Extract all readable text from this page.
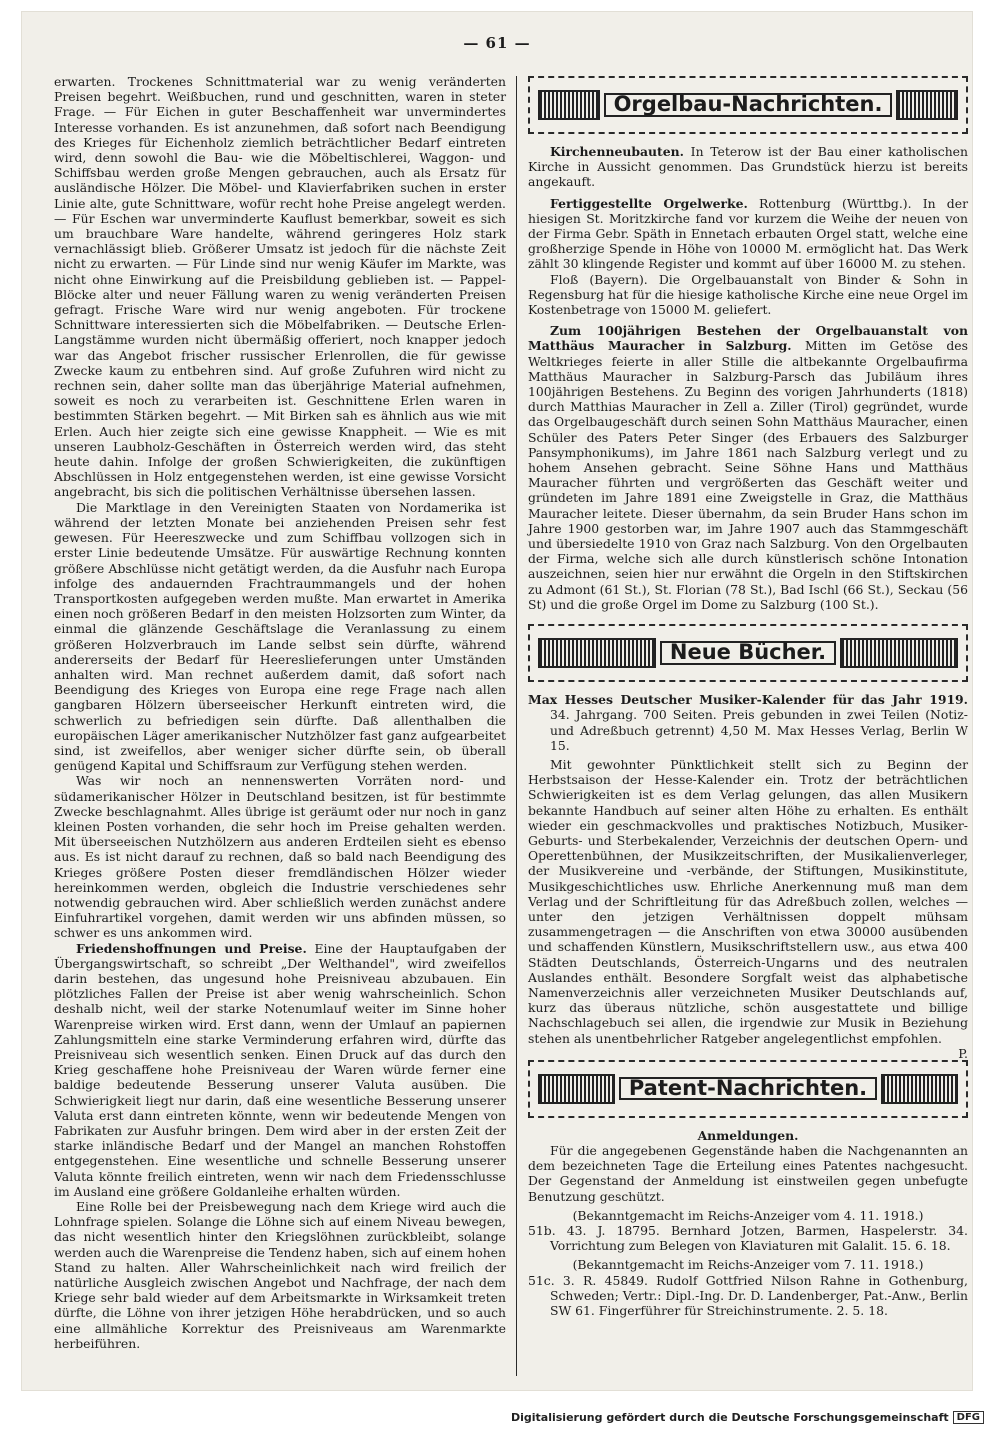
— 61 —

erwarten. Trockenes Schnittmaterial war zu wenig veränderten Preisen begehrt. Weißbuchen, rund und geschnitten, waren in steter Frage. — Für Eichen in guter Beschaffenheit war unvermindertes Interesse vorhanden. Es ist anzunehmen, daß sofort nach Beendigung des Krieges für Eichenholz ziemlich beträchtlicher Bedarf eintreten wird, denn sowohl die Bau- wie die Möbeltischlerei, Waggon- und Schiffsbau werden große Mengen gebrauchen, auch als Ersatz für ausländische Hölzer. Die Möbel- und Klavierfabriken suchen in erster Linie alte, gute Schnittware, wofür recht hohe Preise angelegt werden. — Für Eschen war unverminderte Kauflust bemerkbar, soweit es sich um brauchbare Ware handelte, während geringeres Holz stark vernachlässigt blieb. Größerer Umsatz ist jedoch für die nächste Zeit nicht zu erwarten. — Für Linde sind nur wenig Käufer im Markte, was nicht ohne Einwirkung auf die Preisbildung geblieben ist. — Pappel-Blöcke alter und neuer Fällung waren zu wenig veränderten Preisen gefragt. Frische Ware wird nur wenig angeboten. Für trockene Schnittware interessierten sich die Möbelfabriken. — Deutsche Erlen-Langstämme wurden nicht übermäßig offeriert, noch knapper jedoch war das Angebot frischer russischer Erlenrollen, die für gewisse Zwecke kaum zu entbehren sind. Auf große Zufuhren wird nicht zu rechnen sein, daher sollte man das überjährige Material aufnehmen, soweit es noch zu verarbeiten ist. Geschnittene Erlen waren in bestimmten Stärken begehrt. — Mit Birken sah es ähnlich aus wie mit Erlen. Auch hier zeigte sich eine gewisse Knappheit. — Wie es mit unseren Laubholz-Geschäften in Österreich werden wird, das steht heute dahin. Infolge der großen Schwierigkeiten, die zukünftigen Abschlüssen in Holz entgegenstehen werden, ist eine gewisse Vorsicht angebracht, bis sich die politischen Verhältnisse übersehen lassen.

Die Marktlage in den Vereinigten Staaten von Nordamerika ist während der letzten Monate bei anziehenden Preisen sehr fest gewesen. Für Heereszwecke und zum Schiffbau vollzogen sich in erster Linie bedeutende Umsätze. Für auswärtige Rechnung konnten größere Abschlüsse nicht getätigt werden, da die Ausfuhr nach Europa infolge des andauernden Frachtraummangels und der hohen Transportkosten aufgegeben werden mußte. Man erwartet in Amerika einen noch größeren Bedarf in den meisten Holzsorten zum Winter, da einmal die glänzende Geschäftslage die Veranlassung zu einem größeren Holzverbrauch im Lande selbst sein dürfte, während andererseits der Bedarf für Heereslieferungen unter Umständen anhalten wird. Man rechnet außerdem damit, daß sofort nach Beendigung des Krieges von Europa eine rege Frage nach allen gangbaren Hölzern überseeischer Herkunft eintreten wird, die schwerlich zu befriedigen sein dürfte. Daß allenthalben die europäischen Läger amerikanischer Nutzhölzer fast ganz aufgearbeitet sind, ist zweifellos, aber weniger sicher dürfte sein, ob überall genügend Kapital und Schiffsraum zur Verfügung stehen werden.

Was wir noch an nennenswerten Vorräten nord- und südamerikanischer Hölzer in Deutschland besitzen, ist für bestimmte Zwecke beschlagnahmt. Alles übrige ist geräumt oder nur noch in ganz kleinen Posten vorhanden, die sehr hoch im Preise gehalten werden. Mit überseeischen Nutzhölzern aus anderen Erdteilen sieht es ebenso aus. Es ist nicht darauf zu rechnen, daß so bald nach Beendigung des Krieges größere Posten dieser fremdländischen Hölzer wieder hereinkommen werden, obgleich die Industrie verschiedenes sehr notwendig gebrauchen wird. Aber schließlich werden zunächst andere Einfuhrartikel vorgehen, damit werden wir uns abfinden müssen, so schwer es uns ankommen wird.

Friedenshoffnungen und Preise. Eine der Hauptaufgaben der Übergangswirtschaft, so schreibt „Der Welthandel", wird zweifellos darin bestehen, das ungesund hohe Preisniveau abzubauen. Ein plötzliches Fallen der Preise ist aber wenig wahrscheinlich. Schon deshalb nicht, weil der starke Notenumlauf weiter im Sinne hoher Warenpreise wirken wird. Erst dann, wenn der Umlauf an papiernen Zahlungsmitteln eine starke Verminderung erfahren wird, dürfte das Preisniveau sich wesentlich senken. Einen Druck auf das durch den Krieg geschaffene hohe Preisniveau der Waren würde ferner eine baldige bedeutende Besserung unserer Valuta ausüben. Die Schwierigkeit liegt nur darin, daß eine wesentliche Besserung unserer Valuta erst dann eintreten könnte, wenn wir bedeutende Mengen von Fabrikaten zur Ausfuhr bringen. Dem wird aber in der ersten Zeit der starke inländische Bedarf und der Mangel an manchen Rohstoffen entgegenstehen. Eine wesentliche und schnelle Besserung unserer Valuta könnte freilich eintreten, wenn wir nach dem Friedensschlusse im Ausland eine größere Goldanleihe erhalten würden.

Eine Rolle bei der Preisbewegung nach dem Kriege wird auch die Lohnfrage spielen. Solange die Löhne sich auf einem Niveau bewegen, das nicht wesentlich hinter den Kriegslöhnen zurückbleibt, solange werden auch die Warenpreise die Tendenz haben, sich auf einem hohen Stand zu halten. Aller Wahrscheinlichkeit nach wird freilich der natürliche Ausgleich zwischen Angebot und Nachfrage, der nach dem Kriege sehr bald wieder auf dem Arbeitsmarkte in Wirksamkeit treten dürfte, die Löhne von ihrer jetzigen Höhe herabdrücken, und so auch eine allmähliche Korrektur des Preisniveaus am Warenmarkte herbeiführen.

Orgelbau-Nachrichten.

Kirchenneubauten. In Teterow ist der Bau einer katholischen Kirche in Aussicht genommen. Das Grundstück hierzu ist bereits angekauft.

Fertiggestellte Orgelwerke. Rottenburg (Württbg.). In der hiesigen St. Moritzkirche fand vor kurzem die Weihe der neuen von der Firma Gebr. Späth in Ennetach erbauten Orgel statt, welche eine großherzige Spende in Höhe von 10000 M. ermöglicht hat. Das Werk zählt 30 klingende Register und kommt auf über 16000 M. zu stehen.

Floß (Bayern). Die Orgelbauanstalt von Binder & Sohn in Regensburg hat für die hiesige katholische Kirche eine neue Orgel im Kostenbetrage von 15000 M. geliefert.

Zum 100jährigen Bestehen der Orgelbauanstalt von Matthäus Mauracher in Salzburg. Mitten im Getöse des Weltkrieges feierte in aller Stille die altbekannte Orgelbaufirma Matthäus Mauracher in Salzburg-Parsch das Jubiläum ihres 100jährigen Bestehens. Zu Beginn des vorigen Jahrhunderts (1818) durch Matthias Mauracher in Zell a. Ziller (Tirol) gegründet, wurde das Orgelbaugeschäft durch seinen Sohn Matthäus Mauracher, einen Schüler des Paters Peter Singer (des Erbauers des Salzburger Pansymphonikums), im Jahre 1861 nach Salzburg verlegt und zu hohem Ansehen gebracht. Seine Söhne Hans und Matthäus Mauracher führten und vergrößerten das Geschäft weiter und gründeten im Jahre 1891 eine Zweigstelle in Graz, die Matthäus Mauracher leitete. Dieser übernahm, da sein Bruder Hans schon im Jahre 1900 gestorben war, im Jahre 1907 auch das Stammgeschäft und übersiedelte 1910 von Graz nach Salzburg. Von den Orgelbauten der Firma, welche sich alle durch künstlerisch schöne Intonation auszeichnen, seien hier nur erwähnt die Orgeln in den Stiftskirchen zu Admont (61 St.), St. Florian (78 St.), Bad Ischl (66 St.), Seckau (56 St) und die große Orgel im Dome zu Salzburg (100 St.).

Neue Bücher.

Max Hesses Deutscher Musiker-Kalender für das Jahr 1919. 34. Jahrgang. 700 Seiten. Preis gebunden in zwei Teilen (Notiz- und Adreßbuch getrennt) 4,50 M. Max Hesses Verlag, Berlin W 15.

Mit gewohnter Pünktlichkeit stellt sich zu Beginn der Herbstsaison der Hesse-Kalender ein. Trotz der beträchtlichen Schwierigkeiten ist es dem Verlag gelungen, das allen Musikern bekannte Handbuch auf seiner alten Höhe zu erhalten. Es enthält wieder ein geschmackvolles und praktisches Notizbuch, Musiker-Geburts- und Sterbekalender, Verzeichnis der deutschen Opern- und Operettenbühnen, der Musikzeitschriften, der Musikalienverleger, der Musikvereine und -verbände, der Stiftungen, Musikinstitute, Musikgeschichtliches usw. Ehrliche Anerkennung muß man dem Verlag und der Schriftleitung für das Adreßbuch zollen, welches — unter den jetzigen Verhältnissen doppelt mühsam zusammengetragen — die Anschriften von etwa 30000 ausübenden und schaffenden Künstlern, Musikschriftstellern usw., aus etwa 400 Städten Deutschlands, Österreich-Ungarns und des neutralen Auslandes enthält. Besondere Sorgfalt weist das alphabetische Namenverzeichnis aller verzeichneten Musiker Deutschlands auf, kurz das überaus nützliche, schön ausgestattete und billige Nachschlagebuch sei allen, die irgendwie zur Musik in Beziehung stehen als unentbehrlicher Ratgeber angelegentlichst empfohlen.
P.

Patent-Nachrichten.

Anmeldungen.

Für die angegebenen Gegenstände haben die Nachgenannten an dem bezeichneten Tage die Erteilung eines Patentes nachgesucht. Der Gegenstand der Anmeldung ist einstweilen gegen unbefugte Benutzung geschützt.

(Bekanntgemacht im Reichs-Anzeiger vom 4. 11. 1918.)

51b. 43. J. 18795. Bernhard Jotzen, Barmen, Haspelerstr. 34. Vorrichtung zum Belegen von Klaviaturen mit Galalit. 15. 6. 18.

(Bekanntgemacht im Reichs-Anzeiger vom 7. 11. 1918.)

51c. 3. R. 45849. Rudolf Gottfried Nilson Rahne in Gothenburg, Schweden; Vertr.: Dipl.-Ing. Dr. D. Landenberger, Pat.-Anw., Berlin SW 61. Fingerführer für Streichinstrumente. 2. 5. 18.

Digitalisierung gefördert durch die Deutsche Forschungsgemeinschaft DFG
